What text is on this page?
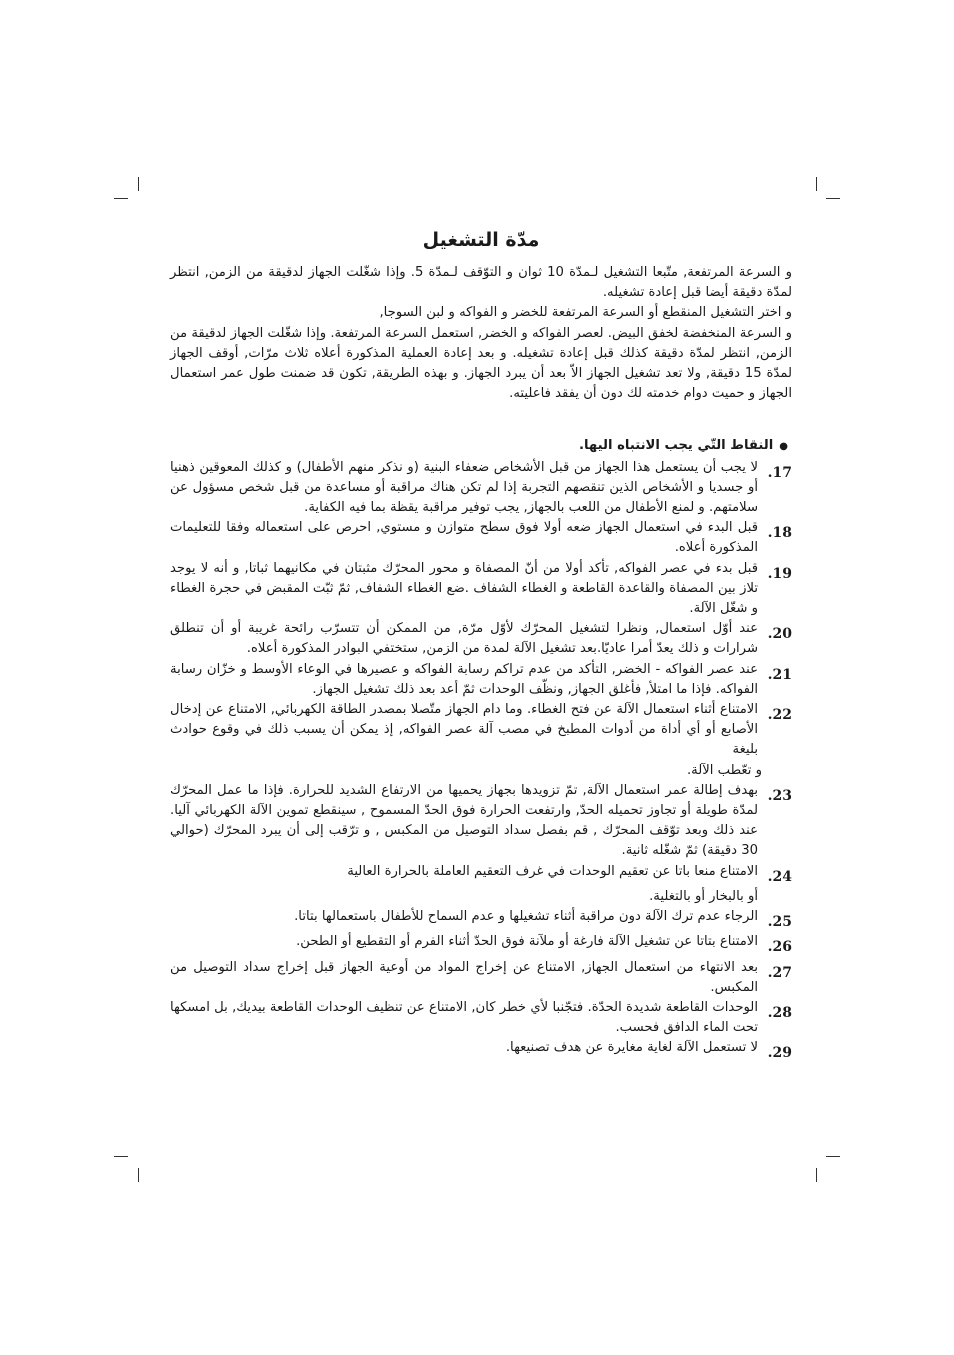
مدّة التشغيل

و السرعة المرتفعة, متّبعا التشغيل لـمدّة 10 ثوان و التوّقف لـمدّة 5. وإذا شغّلت الجهاز لدقيقة من الزمن, انتظر لمدّة دقيقة أيضا قبل إعادة تشغيله.

و اختر التشغيل المنقطع أو السرعة المرتفعة للخضر و الفواكه و لبن السوجا,

و السرعة المنخفضة لخفق البيض. لعصر الفواكه و الخضر, استعمل السرعة المرتفعة. وإذا شغّلت الجهاز لدقيقة من الزمن, انتظر لمدّة دقيقة كذلك قبل إعادة تشغيله. و بعد إعادة العملية المذكورة أعلاه ثلاث مرّات, أوقف الجهاز لمدّة 15 دقيقة, ولا تعد تشغيل الجهاز الاّ بعد أن يبرد الجهاز. و بهذه الطريقة, تكون قد ضمنت طول عمر استعمال الجهاز و حميت دوام خدمته لك دون أن يفقد فاعليته.

●
النقاط التّي يجب الانتباه اليها.
17.
لا يجب أن يستعمل هذا الجهاز من قبل الأشخاص ضعفاء البنية (و نذكر منهم الأطفال) و كذلك المعوقين ذهنيا أو جسديا و الأشخاص الذين تنقصهم التجربة إذا لم تكن هناك مراقبة أو مساعدة من قبل شخص مسؤول عن سلامتهم. و لمنع الأطفال من اللعب بالجهاز, يجب توفير مراقبة يقظة بما فيه الكفاية.
18.
قبل البدء في استعمال الجهاز ضعه أولا فوق سطح متوازن و مستوي, احرص على استعماله وفقا للتعليمات المذكورة أعلاه.
19.
قبل بدء في عصر الفواكه, تأكد أولا من أنّ المصفاة و محور المحرّك مثبتان في مكانيهما ثباتا, و أنه لا يوجد تلاز بين المصفاة والقاعدة القاطعة و الغطاء الشفاف .ضع الغطاء الشفاف, ثمّ ثبّت المقبض في حجرة الغطاء و شغّل الآلة.
20.
عند أوّل استعمال, ونظرا لتشغيل المحرّك لأوّل مرّة, من الممكن أن تتسرّب رائحة غريبة أو أن تنطلق شرارات و ذلك يعدّ أمرا عاديّا.بعد تشغيل الآلة لمدة من الزمن, ستختفي البوادر المذكورة أعلاه.
21.
عند عصر الفواكه - الخضر, التأكد من عدم تراكم رسابة الفواكه و عصيرها في الوعاء الأوسط و خزّان رسابة الفواكه. فإذا ما امتلأ, فأغلق الجهاز, ونظّف الوحدات ثمّ أعد بعد ذلك تشغيل الجهاز.
22.
الامتناع أثناء استعمال الآلة عن فتح الغطاء. وما دام الجهاز متّصلا بمصدر الطاقة الكهربائي, الامتناع عن إدخال الأصابع أو أي أداة من أدوات المطبخ في مصب آلة عصر الفواكه, إذ يمكن أن يسبب ذلك في وقوع حوادث بليغة
و تعّطب الآلة.
23.
بهدف إطالة عمر استعمال الآلة, تمّ تزويدها بجهاز يحميها من الارتفاع الشديد للحرارة. فإذا ما عمل المحرّك لمدّة طويلة أو تجاوز تحميله الحدّ, وارتفعت الحرارة فوق الحدّ المسموح , سينقطع تموين الآلة الكهربائي آليا. عند ذلك وبعد توّقف المحرّك , قم بفصل سداد التوصيل من المكبس , و ترّقب إلى أن يبرد المحرّك (حوالي 30 دقيقة) ثمّ شغّله ثانية.
24.
الامتناع منعا باتا عن تعقيم الوحدات في غرف التعقيم العاملة بالحرارة العالية
أو بالبخار أو بالتغلية.
25.
الرجاء عدم ترك الآلة دون مراقبة أثناء تشغيلها و عدم السماح للأطفال باستعمالها بتاتا.
26.
الامتناع بتاتا عن تشغيل الآلة فارغة أو ملآنة فوق الحدّ أثناء الفرم أو التقطيع أو الطحن.
27.
بعد الانتهاء من استعمال الجهاز, الامتناع عن إخراج المواد من أوعية الجهاز قبل إخراج سداد التوصيل من المكبس.
28.
الوحدات القاطعة شديدة الحدّة. فتجّنبا لأي خطر كان, الامتناع عن تنظيف الوحدات القاطعة بيديك, بل امسكها تحت الماء الدافق فحسب.
29.
لا تستعمل الآلة لغاية مغايرة عن هدف تصنيعها.
